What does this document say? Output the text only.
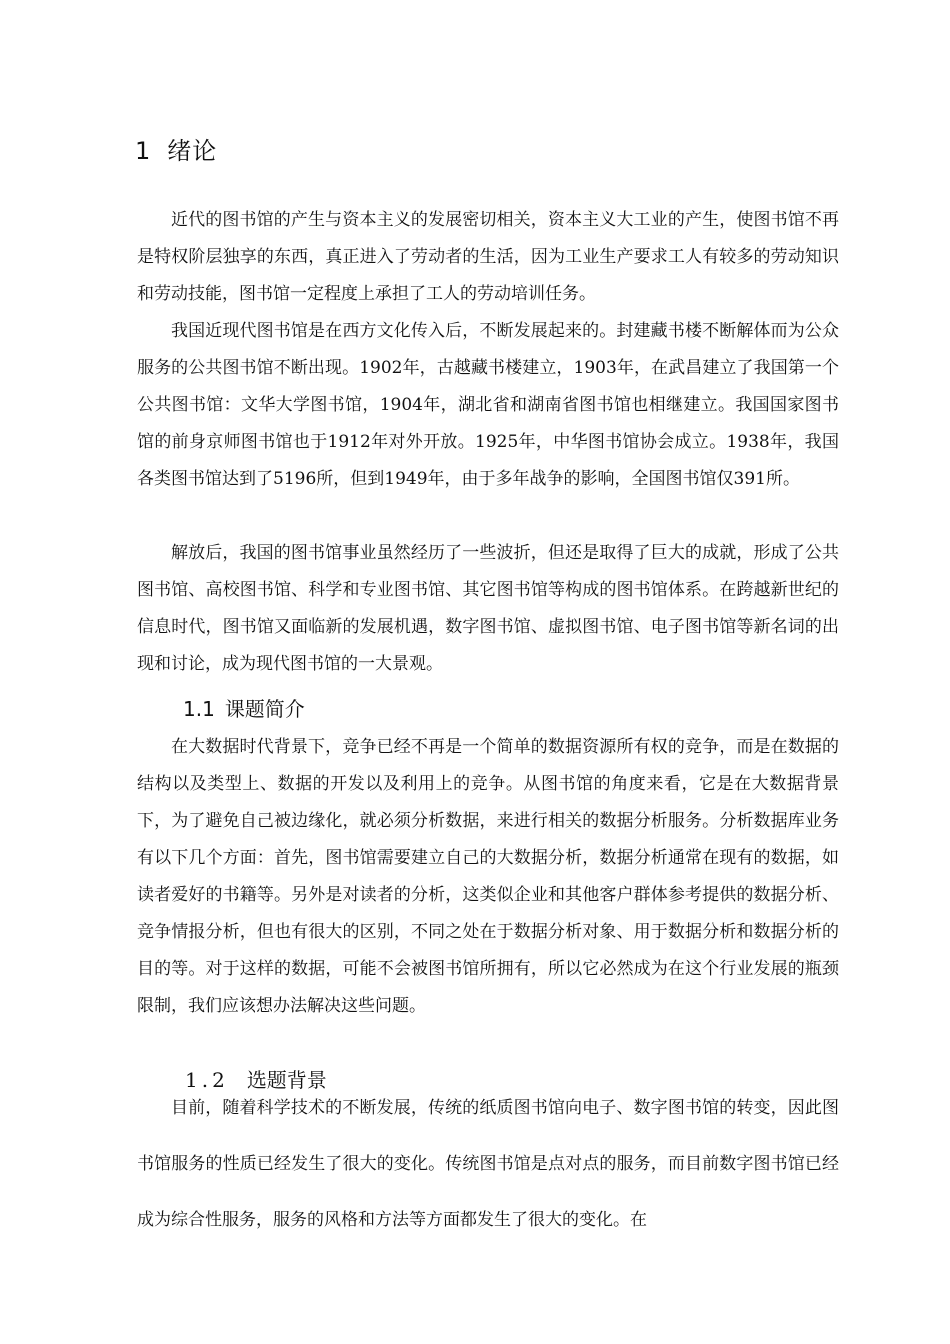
1 绪论

近代的图书馆的产生与资本主义的发展密切相关，资本主义大工业的产生，使图书馆不再是特权阶层独享的东西，真正进入了劳动者的生活，因为工业生产要求工人有较多的劳动知识和劳动技能，图书馆一定程度上承担了工人的劳动培训任务。

我国近现代图书馆是在西方文化传入后，不断发展起来的。封建藏书楼不断解体而为公众服务的公共图书馆不断出现。1902年，古越藏书楼建立，1903年，在武昌建立了我国第一个公共图书馆：文华大学图书馆，1904年，湖北省和湖南省图书馆也相继建立。我国国家图书馆的前身京师图书馆也于1912年对外开放。1925年，中华图书馆协会成立。1938年，我国各类图书馆达到了5196所，但到1949年，由于多年战争的影响，全国图书馆仅391所。

解放后，我国的图书馆事业虽然经历了一些波折，但还是取得了巨大的成就，形成了公共图书馆、高校图书馆、科学和专业图书馆、其它图书馆等构成的图书馆体系。在跨越新世纪的信息时代，图书馆又面临新的发展机遇，数字图书馆、虚拟图书馆、电子图书馆等新名词的出现和讨论，成为现代图书馆的一大景观。

1.1 课题简介

在大数据时代背景下，竞争已经不再是一个简单的数据资源所有权的竞争，而是在数据的结构以及类型上、数据的开发以及利用上的竞争。从图书馆的角度来看，它是在大数据背景下，为了避免自己被边缘化，就必须分析数据，来进行相关的数据分析服务。分析数据库业务有以下几个方面：首先，图书馆需要建立自己的大数据分析，数据分析通常在现有的数据，如读者爱好的书籍等。另外是对读者的分析，这类似企业和其他客户群体参考提供的数据分析、竞争情报分析，但也有很大的区别，不同之处在于数据分析对象、用于数据分析和数据分析的目的等。对于这样的数据，可能不会被图书馆所拥有，所以它必然成为在这个行业发展的瓶颈限制，我们应该想办法解决这些问题。

1.2 选题背景

目前，随着科学技术的不断发展，传统的纸质图书馆向电子、数字图书馆的转变，因此图书馆服务的性质已经发生了很大的变化。传统图书馆是点对点的服务，而目前数字图书馆已经成为综合性服务，服务的风格和方法等方面都发生了很大的变化。在
